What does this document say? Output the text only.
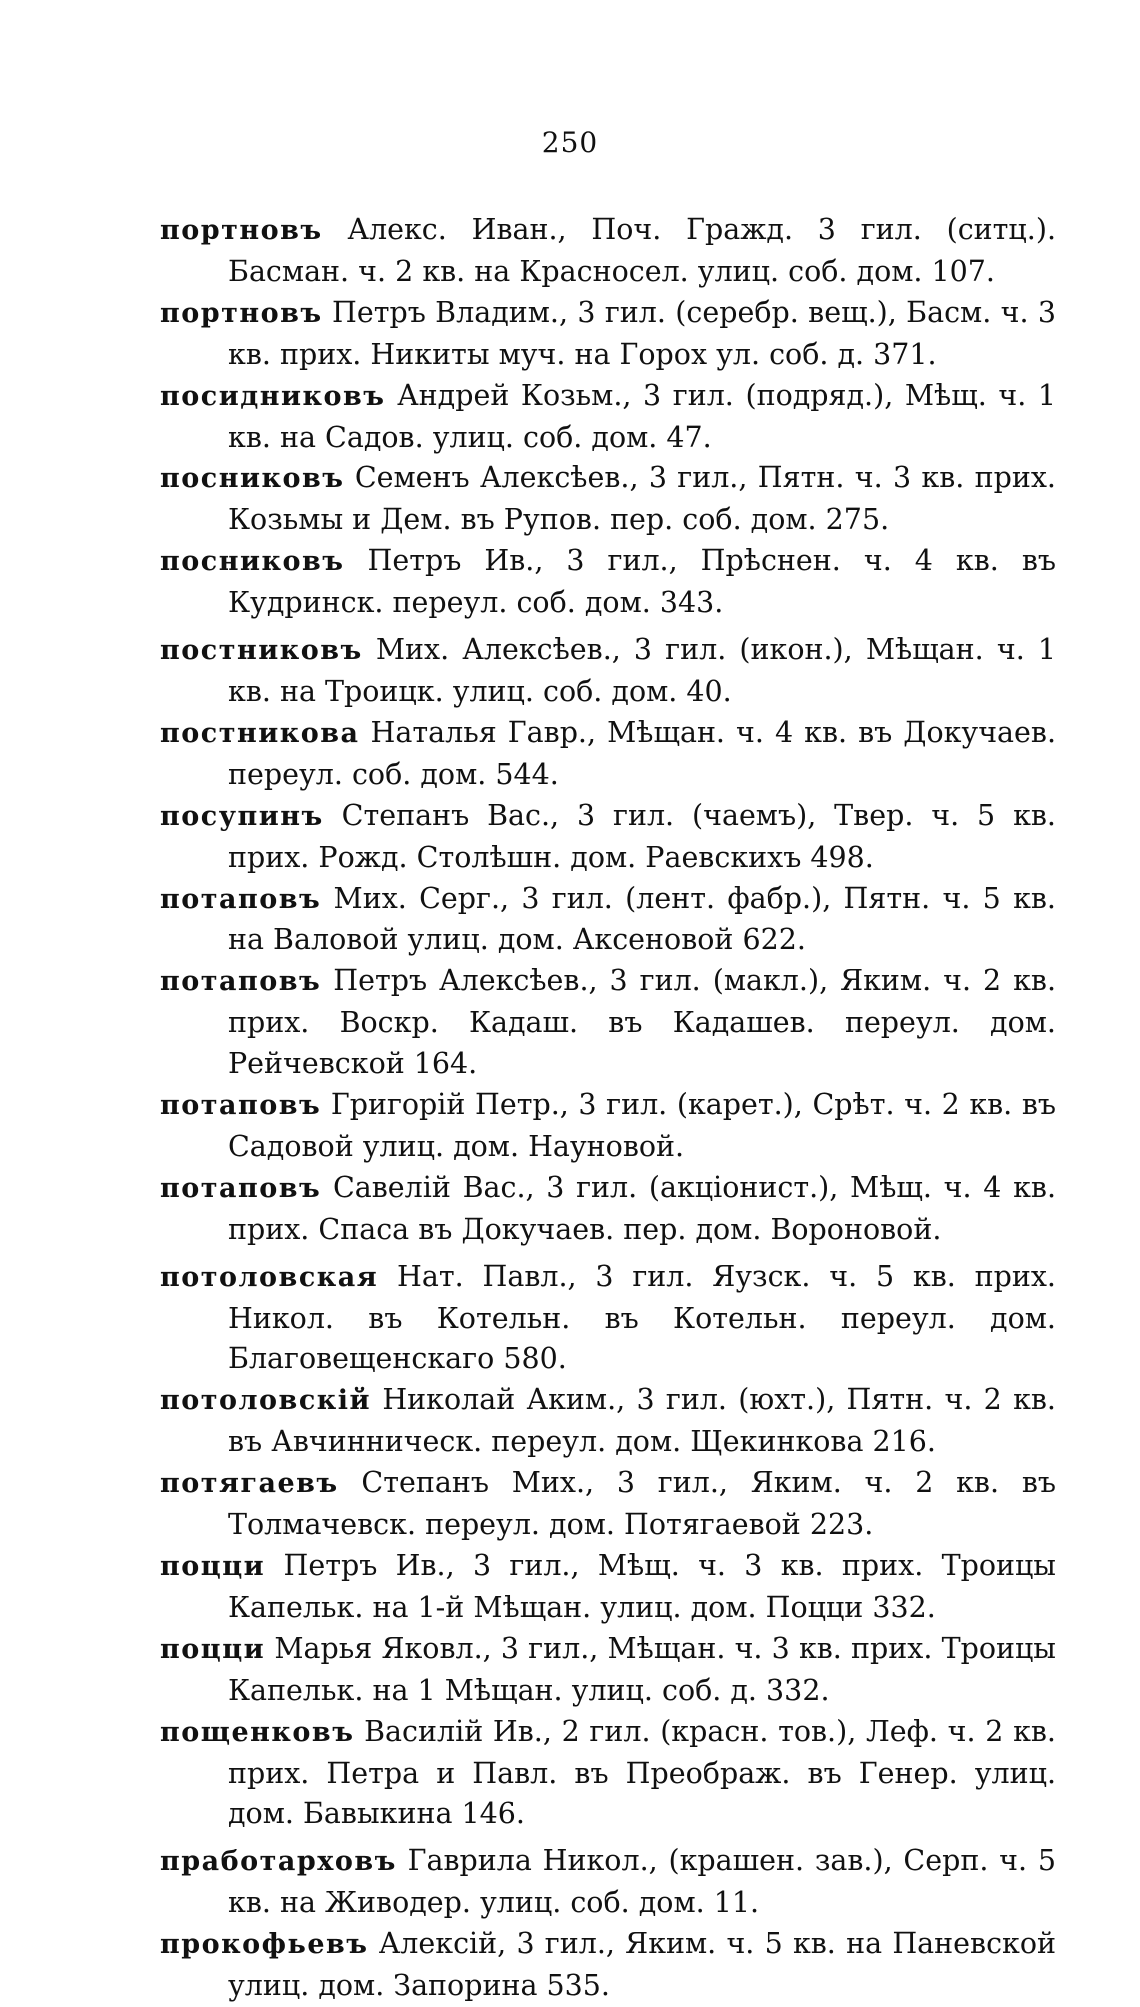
250

портновъ Алекс. Иван., Поч. Гражд. 3 гил. (ситц.). Басман. ч. 2 кв. на Красносел. улиц. соб. дом. 107.

портновъ Петръ Владим., 3 гил. (серебр. вещ.), Басм. ч. 3 кв. прих. Никиты муч. на Горох ул. соб. д. 371.

посидниковъ Андрей Козьм., 3 гил. (подряд.), Мѣщ. ч. 1 кв. на Садов. улиц. соб. дом. 47.

посниковъ Семенъ Алексѣев., 3 гил., Пятн. ч. 3 кв. прих. Козьмы и Дем. въ Рупов. пер. соб. дом. 275.

посниковъ Петръ Ив., 3 гил., Прѣснен. ч. 4 кв. въ Кудринск. переул. соб. дом. 343.

постниковъ Мих. Алексѣев., 3 гил. (икон.), Мѣщан. ч. 1 кв. на Троицк. улиц. соб. дом. 40.

постникова Наталья Гавр., Мѣщан. ч. 4 кв. въ Докучаев. переул. соб. дом. 544.

посупинъ Степанъ Вас., 3 гил. (чаемъ), Твер. ч. 5 кв. прих. Рожд. Столѣшн. дом. Раевскихъ 498.

потаповъ Мих. Серг., 3 гил. (лент. фабр.), Пятн. ч. 5 кв. на Валовой улиц. дом. Аксеновой 622.

потаповъ Петръ Алексѣев., 3 гил. (макл.), Яким. ч. 2 кв. прих. Воскр. Кадаш. въ Кадашев. переул. дом. Рейчевской 164.

потаповъ Григорій Петр., 3 гил. (карет.), Срѣт. ч. 2 кв. въ Садовой улиц. дом. Науновой.

потаповъ Савелій Вас., 3 гил. (акціонист.), Мѣщ. ч. 4 кв. прих. Спаса въ Докучаев. пер. дом. Вороновой.

потоловская Нат. Павл., 3 гил. Яузск. ч. 5 кв. прих. Никол. въ Котельн. въ Котельн. переул. дом. Благовещенскаго 580.

потоловскій Николай Аким., 3 гил. (юхт.), Пятн. ч. 2 кв. въ Авчинническ. переул. дом. Щекинкова 216.

потягаевъ Степанъ Мих., 3 гил., Яким. ч. 2 кв. въ Толмачевск. переул. дом. Потягаевой 223.

поцци Петръ Ив., 3 гил., Мѣщ. ч. 3 кв. прих. Троицы Капельк. на 1-й Мѣщан. улиц. дом. Поцци 332.

поцци Марья Яковл., 3 гил., Мѣщан. ч. 3 кв. прих. Троицы Капельк. на 1 Мѣщан. улиц. соб. д. 332.

пощенковъ Василій Ив., 2 гил. (красн. тов.), Леф. ч. 2 кв. прих. Петра и Павл. въ Преображ. въ Генер. улиц. дом. Бавыкина 146.

пработарховъ Гаврила Никол., (крашен. зав.), Серп. ч. 5 кв. на Живодер. улиц. соб. дом. 11.

прокофьевъ Алексій, 3 гил., Яким. ч. 5 кв. на Паневской улиц. дом. Запорина 535.
